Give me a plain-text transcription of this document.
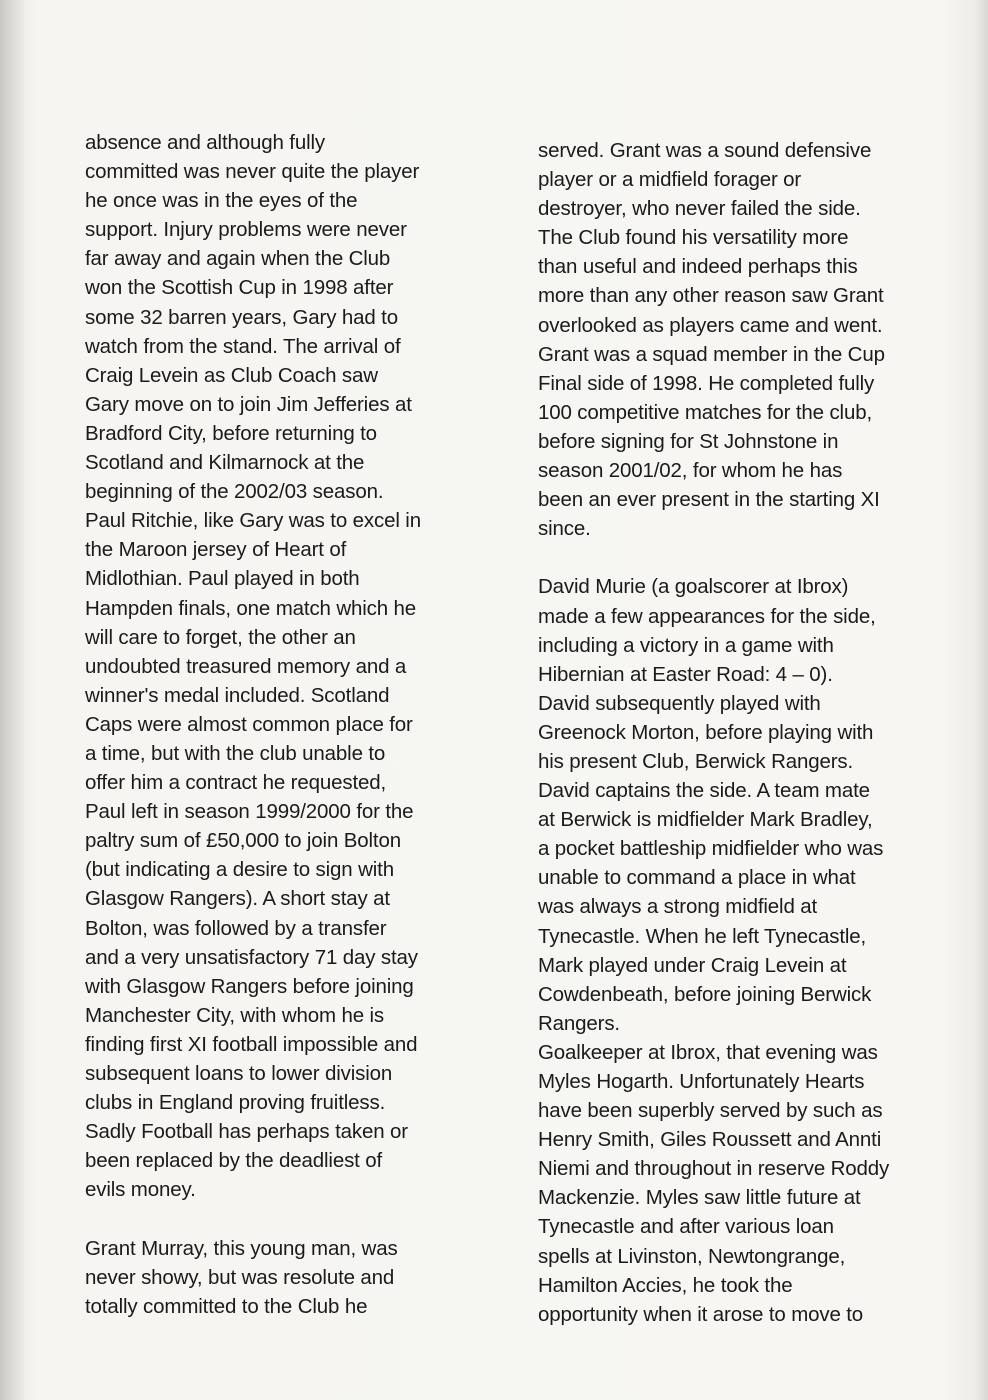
absence and although fully
committed was never quite the player
he once was in the eyes of the
support. Injury problems were never
far away and again when the Club
won the Scottish Cup in 1998 after
some 32 barren years, Gary had to
watch from the stand. The arrival of
Craig Levein as Club Coach saw
Gary move on to join Jim Jefferies at
Bradford City, before returning to
Scotland and Kilmarnock at the
beginning of the 2002/03 season.
Paul Ritchie, like Gary was to excel in
the Maroon jersey of Heart of
Midlothian. Paul played in both
Hampden finals, one match which he
will care to forget, the other an
undoubted treasured memory and a
winner's medal included. Scotland
Caps were almost common place for
a time, but with the club unable to
offer him a contract he requested,
Paul left in season 1999/2000 for the
paltry sum of £50,000 to join Bolton
(but indicating a desire to sign with
Glasgow Rangers). A short stay at
Bolton, was followed by a transfer
and a very unsatisfactory 71 day stay
with Glasgow Rangers before joining
Manchester City, with whom he is
finding first XI football impossible and
subsequent loans to lower division
clubs in England proving fruitless.
Sadly Football has perhaps taken or
been replaced by the deadliest of
evils money.
Grant Murray, this young man, was
never showy, but was resolute and
totally committed to the Club he
served. Grant was a sound defensive
player or a midfield forager or
destroyer, who never failed the side.
The Club found his versatility more
than useful and indeed perhaps this
more than any other reason saw Grant
overlooked as players came and went.
Grant was a squad member in the Cup
Final side of 1998. He completed fully
100 competitive matches for the club,
before signing for St Johnstone in
season 2001/02, for whom he has
been an ever present in the starting XI
since.
David Murie (a goalscorer at Ibrox)
made a few appearances for the side,
including a victory in a game with
Hibernian at Easter Road: 4 – 0).
David subsequently played with
Greenock Morton, before playing with
his present Club, Berwick Rangers.
David captains the side. A team mate
at Berwick is midfielder Mark Bradley,
a pocket battleship midfielder who was
unable to command a place in what
was always a strong midfield at
Tynecastle. When he left Tynecastle,
Mark played under Craig Levein at
Cowdenbeath, before joining Berwick
Rangers.
Goalkeeper at Ibrox, that evening was
Myles Hogarth. Unfortunately Hearts
have been superbly served by such as
Henry Smith, Giles Roussett and Annti
Niemi and throughout in reserve Roddy
Mackenzie. Myles saw little future at
Tynecastle and after various loan
spells at Livinston, Newtongrange,
Hamilton Accies, he took the
opportunity when it arose to move to
